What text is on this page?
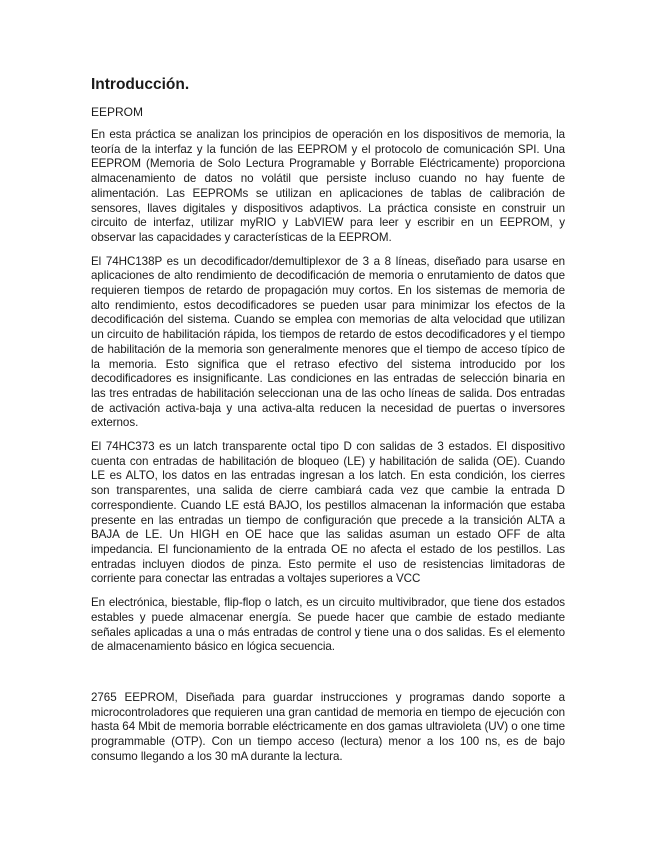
Introducción.
EEPROM

En esta práctica se analizan los principios de operación en los dispositivos de memoria, la teoría de la interfaz y la función de las EEPROM y el protocolo de comunicación SPI. Una EEPROM (Memoria de Solo Lectura Programable y Borrable Eléctricamente) proporciona almacenamiento de datos no volátil que persiste incluso cuando no hay fuente de alimentación. Las EEPROMs se utilizan en aplicaciones de tablas de calibración de sensores, llaves digitales y dispositivos adaptivos. La práctica consiste en construir un circuito de interfaz, utilizar myRIO y LabVIEW para leer y escribir en un EEPROM, y observar las capacidades y características de la EEPROM.

El 74HC138P es un decodificador/demultiplexor de 3 a 8 líneas, diseñado para usarse en aplicaciones de alto rendimiento de decodificación de memoria o enrutamiento de datos que requieren tiempos de retardo de propagación muy cortos. En los sistemas de memoria de alto rendimiento, estos decodificadores se pueden usar para minimizar los efectos de la decodificación del sistema. Cuando se emplea con memorias de alta velocidad que utilizan un circuito de habilitación rápida, los tiempos de retardo de estos decodificadores y el tiempo de habilitación de la memoria son generalmente menores que el tiempo de acceso típico de la memoria. Esto significa que el retraso efectivo del sistema introducido por los decodificadores es insignificante. Las condiciones en las entradas de selección binaria en las tres entradas de habilitación seleccionan una de las ocho líneas de salida. Dos entradas de activación activa-baja y una activa-alta reducen la necesidad de puertas o inversores externos.

El 74HC373 es un latch transparente octal tipo D con salidas de 3 estados. El dispositivo cuenta con entradas de habilitación de bloqueo (LE) y habilitación de salida (OE). Cuando LE es ALTO, los datos en las entradas ingresan a los latch. En esta condición, los cierres son transparentes, una salida de cierre cambiará cada vez que cambie la entrada D correspondiente. Cuando LE está BAJO, los pestillos almacenan la información que estaba presente en las entradas un tiempo de configuración que precede a la transición ALTA a BAJA de LE. Un HIGH en OE hace que las salidas asuman un estado OFF de alta impedancia. El funcionamiento de la entrada OE no afecta el estado de los pestillos. Las entradas incluyen diodos de pinza. Esto permite el uso de resistencias limitadoras de corriente para conectar las entradas a voltajes superiores a VCC

En electrónica, biestable, flip-flop o latch, es un circuito multivibrador, que tiene dos estados estables y puede almacenar energía. Se puede hacer que cambie de estado mediante señales aplicadas a una o más entradas de control y tiene una o dos salidas. Es el elemento de almacenamiento básico en lógica secuencia.

2765 EEPROM, Diseñada para guardar instrucciones y programas dando soporte a microcontroladores que requieren una gran cantidad de memoria en tiempo de ejecución con hasta 64 Mbit de memoria borrable eléctricamente en dos gamas ultravioleta (UV) o one time programmable (OTP). Con un tiempo acceso (lectura) menor a los 100 ns, es de bajo consumo llegando a los 30 mA durante la lectura.
